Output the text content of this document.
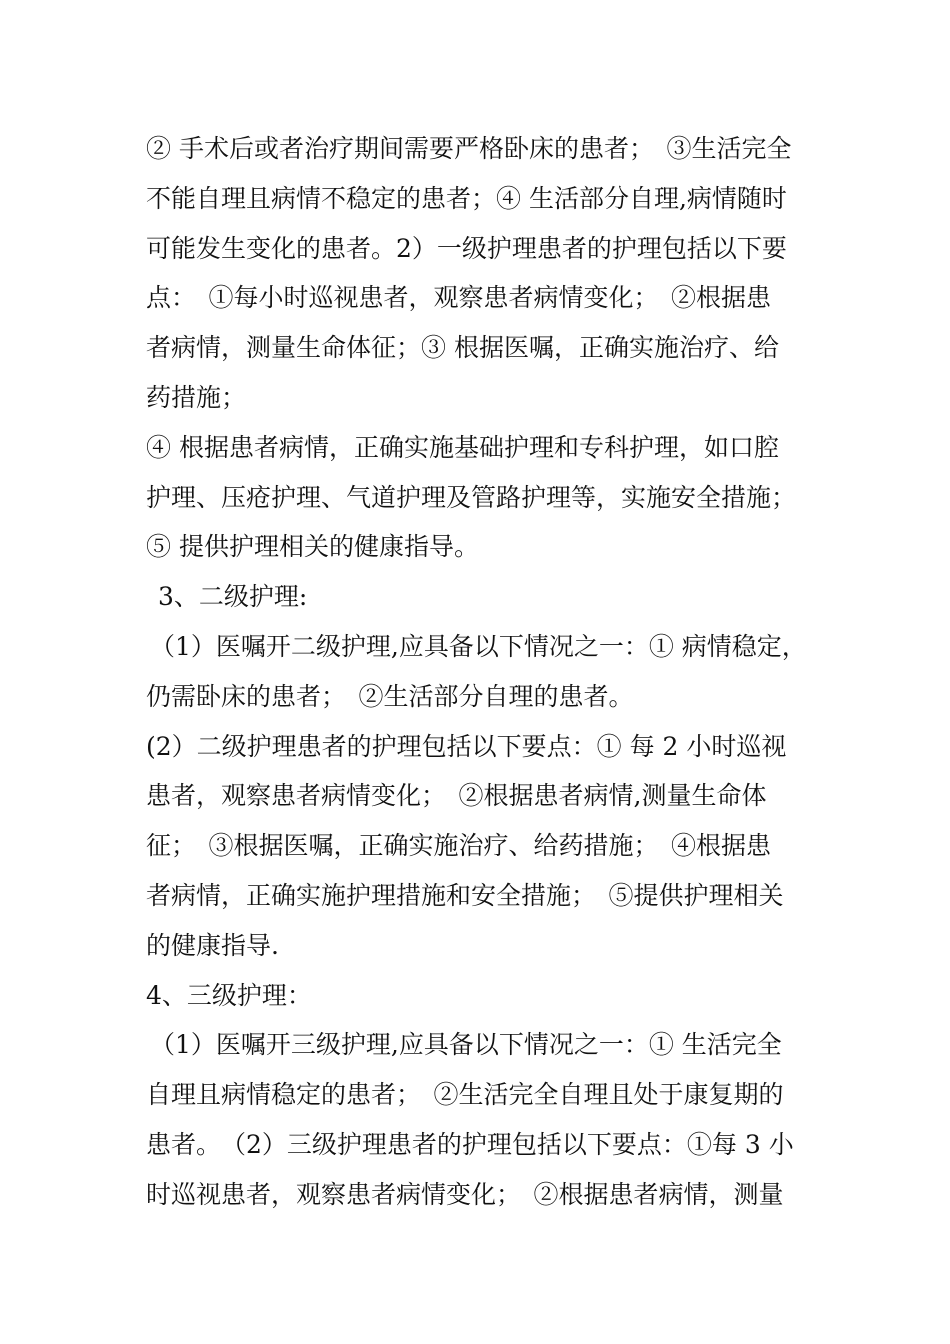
② 手术后或者治疗期间需要严格卧床的患者；　③生活完全
不能自理且病情不稳定的患者；④ 生活部分自理,病情随时
可能发生变化的患者。2）一级护理患者的护理包括以下要
点：　①每小时巡视患者，观察患者病情变化；　②根据患
者病情，测量生命体征；③ 根据医嘱，正确实施治疗、给
药措施；
④ 根据患者病情，正确实施基础护理和专科护理，如口腔
护理、压疮护理、气道护理及管路护理等，实施安全措施；
⑤ 提供护理相关的健康指导。
3、二级护理:
（1）医嘱开二级护理,应具备以下情况之一：① 病情稳定，
仍需卧床的患者；　②生活部分自理的患者。
(2）二级护理患者的护理包括以下要点：① 每 2 小时巡视
患者，观察患者病情变化；　②根据患者病情,测量生命体
征；　③根据医嘱，正确实施治疗、给药措施；　④根据患
者病情，正确实施护理措施和安全措施；　⑤提供护理相关
的健康指导.
4、三级护理：
（1）医嘱开三级护理,应具备以下情况之一：① 生活完全
自理且病情稳定的患者；　②生活完全自理且处于康复期的
患者。　（2）三级护理患者的护理包括以下要点：①每 3 小
时巡视患者，观察患者病情变化；　②根据患者病情，测量
